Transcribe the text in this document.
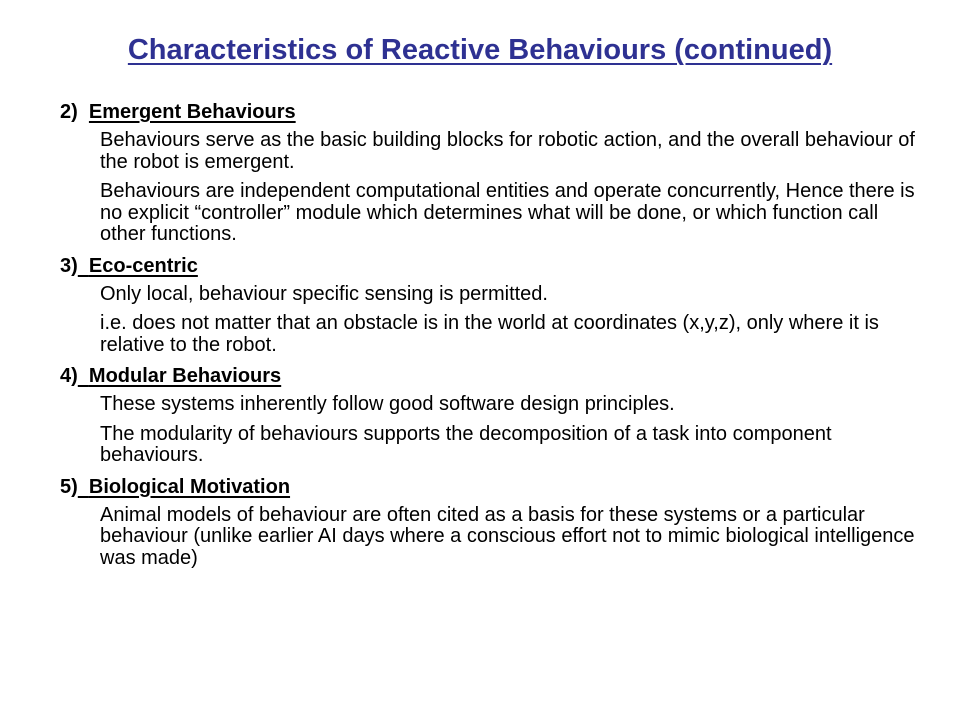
Characteristics of Reactive Behaviours (continued)
2) Emergent Behaviours

Behaviours serve as the basic building blocks for robotic action, and the overall behaviour of the robot is emergent.

Behaviours are independent computational entities and operate concurrently, Hence there is no explicit “controller” module which determines what will be done, or which function call other functions.

3) Eco-centric

Only local, behaviour specific sensing is permitted.

i.e. does not matter that an obstacle is in the world at coordinates (x,y,z), only where it is relative to the robot.

4) Modular Behaviours

These systems inherently follow good software design principles.

The modularity of behaviours supports the decomposition of a task into component behaviours.

5) Biological Motivation

Animal models of behaviour are often cited as a basis for these systems or a particular behaviour (unlike earlier AI days where a conscious effort not to mimic biological intelligence was made)
